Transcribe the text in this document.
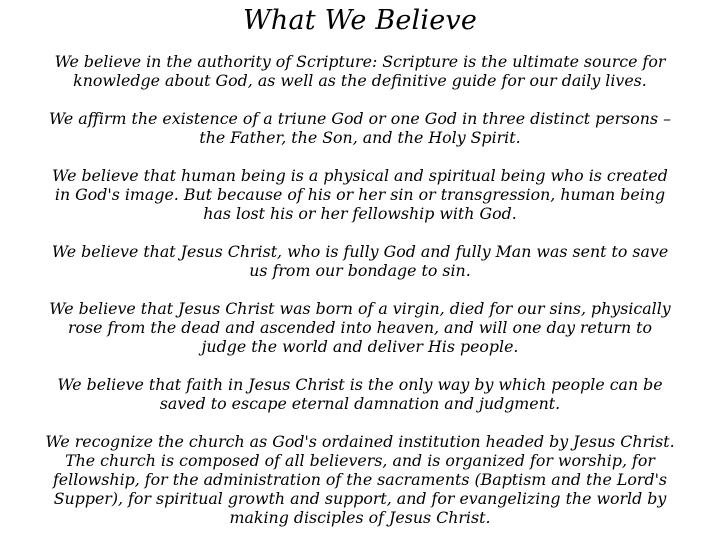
What We Believe

We believe in the authority of Scripture: Scripture is the ultimate source for
knowledge about God, as well as the definitive guide for our daily lives.

We affirm the existence of a triune God or one God in three distinct persons –
the Father, the Son, and the Holy Spirit.

We believe that human being is a physical and spiritual being who is created
in God's image. But because of his or her sin or transgression, human being
has lost his or her fellowship with God.

We believe that Jesus Christ, who is fully God and fully Man was sent to save
us from our bondage to sin.

We believe that Jesus Christ was born of a virgin, died for our sins, physically
rose from the dead and ascended into heaven, and will one day return to
judge the world and deliver His people.

We believe that faith in Jesus Christ is the only way by which people can be
saved to escape eternal damnation and judgment.

We recognize the church as God's ordained institution headed by Jesus Christ.
The church is composed of all believers, and is organized for worship, for
fellowship, for the administration of the sacraments (Baptism and the Lord's
Supper), for spiritual growth and support, and for evangelizing the world by
making disciples of Jesus Christ.
